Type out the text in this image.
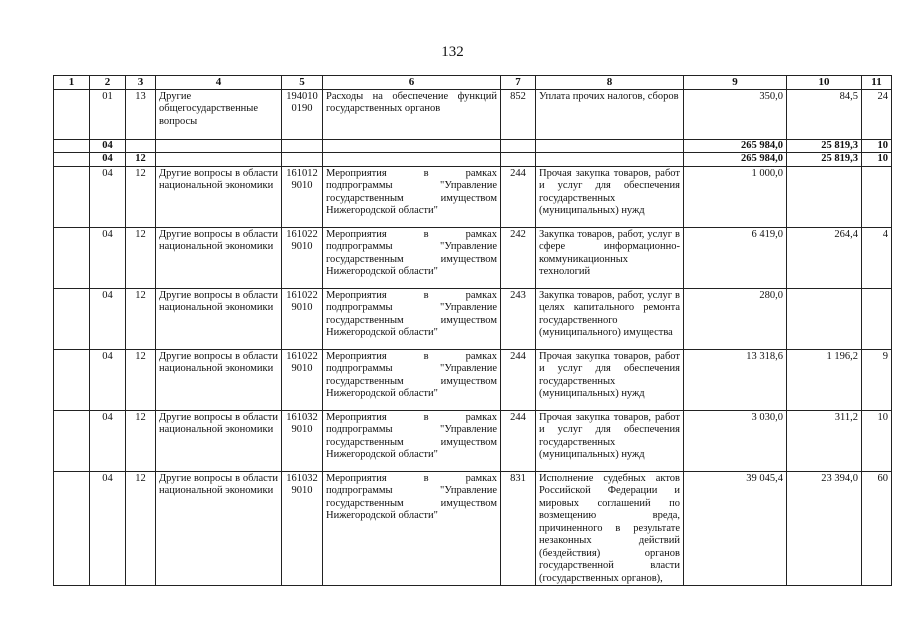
132
1	2	3	4	5	6	7	8	9	10	11
	01	13	Другие общегосударственные вопросы	194010 0190	Расходы на обеспечение функций государственных органов	852	Уплата прочих налогов, сборов	350,0	84,5	24
	04							265 984,0	25 819,3	10
	04	12						265 984,0	25 819,3	10
	04	12	Другие вопросы в области национальной экономики	161012 9010	Мероприятия в рамках подпрограммы "Управление государственным имуществом Нижегородской области"	244	Прочая закупка товаров, работ и услуг для обеспечения государственных (муниципальных) нужд	1 000,0		
	04	12	Другие вопросы в области национальной экономики	161022 9010	Мероприятия в рамках подпрограммы "Управление государственным имуществом Нижегородской области"	242	Закупка товаров, работ, услуг в сфере информационно-коммуникационных технологий	6 419,0	264,4	4
	04	12	Другие вопросы в области национальной экономики	161022 9010	Мероприятия в рамках подпрограммы "Управление государственным имуществом Нижегородской области"	243	Закупка товаров, работ, услуг в целях капитального ремонта государственного (муниципального) имущества	280,0		
	04	12	Другие вопросы в области национальной экономики	161022 9010	Мероприятия в рамках подпрограммы "Управление государственным имуществом Нижегородской области"	244	Прочая закупка товаров, работ и услуг для обеспечения государственных (муниципальных) нужд	13 318,6	1 196,2	9
	04	12	Другие вопросы в области национальной экономики	161032 9010	Мероприятия в рамках подпрограммы "Управление государственным имуществом Нижегородской области"	244	Прочая закупка товаров, работ и услуг для обеспечения государственных (муниципальных) нужд	3 030,0	311,2	10
	04	12	Другие вопросы в области национальной экономики	161032 9010	Мероприятия в рамках подпрограммы "Управление государственным имуществом Нижегородской области"	831	Исполнение судебных актов Российской Федерации и мировых соглашений по возмещению вреда, причиненного в результате незаконных действий (бездействия) органов государственной власти (государственных органов),	39 045,4	23 394,0	60
